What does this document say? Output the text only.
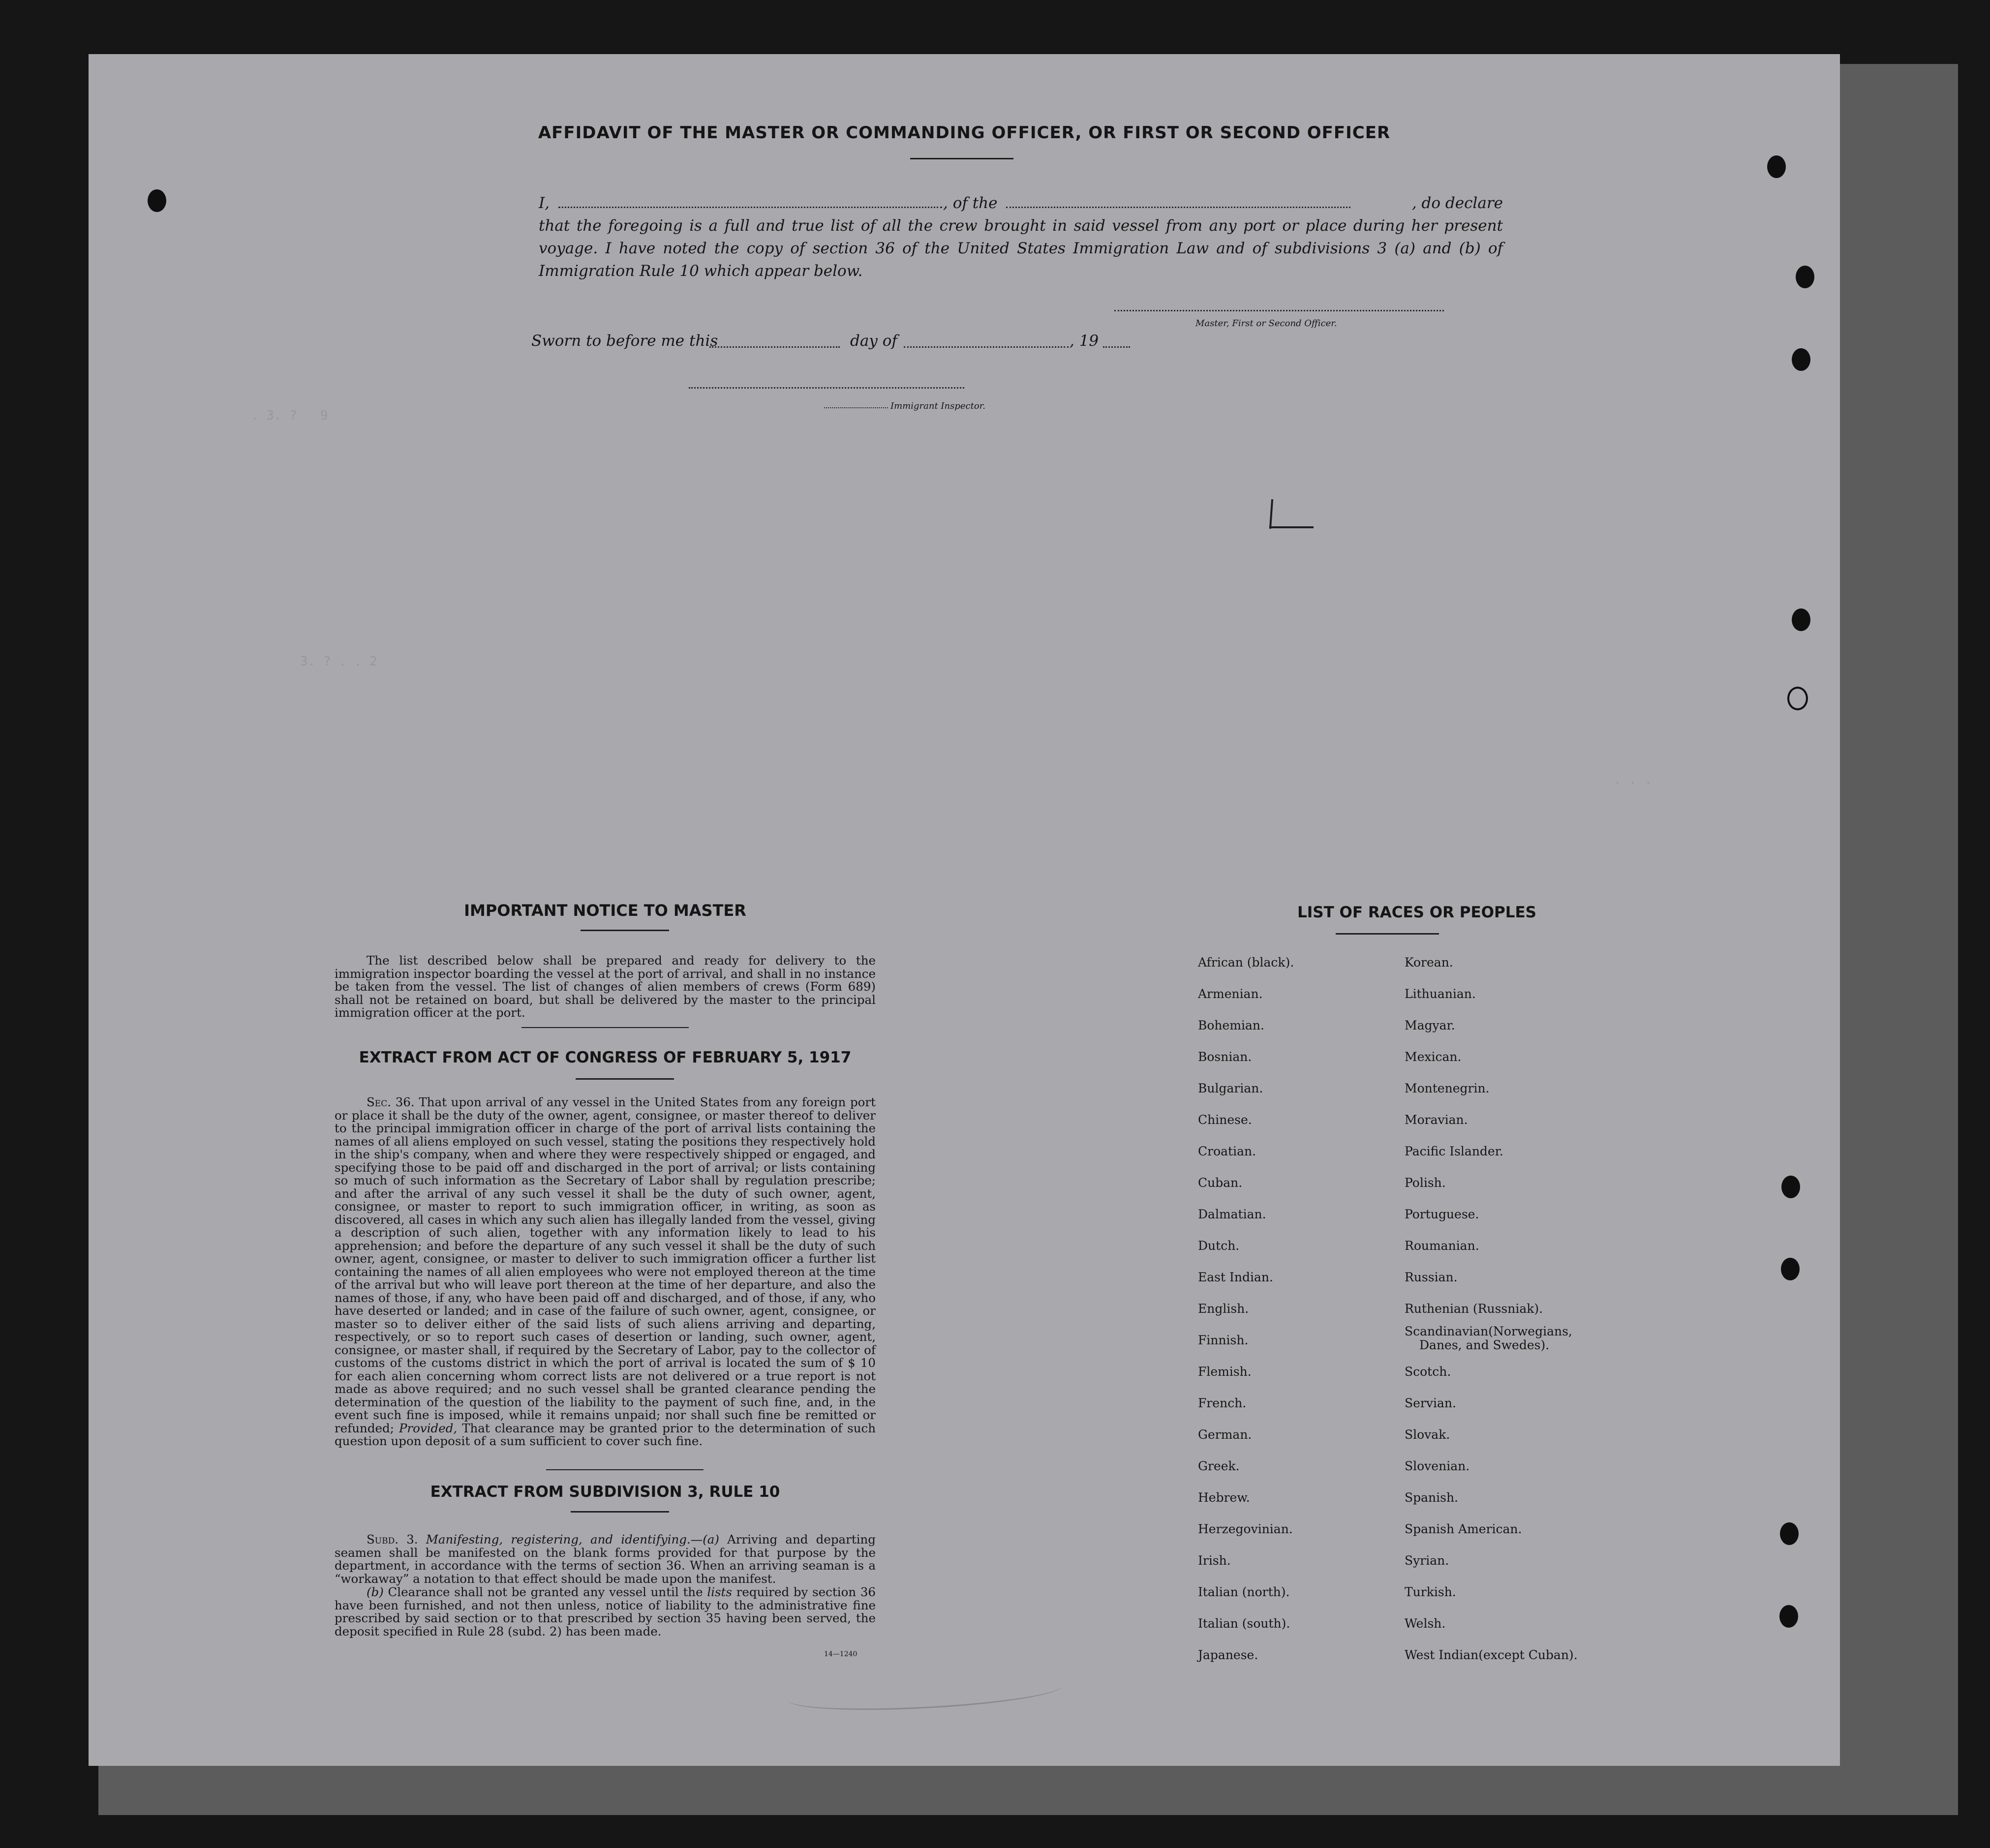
. 3. ?   9
3. ? . . 2
. . .
AFFIDAVIT OF THE MASTER OR COMMANDING OFFICER, OR FIRST OR SECOND OFFICER
I,	, of the	, do declare
that the foregoing is a full and true list of all the crew brought in said vessel from any port or place during her present voyage. I have noted the copy of section 36 of the United States Immigration Law and of subdivisions 3 (a) and (b) of Immigration Rule 10 which appear below.
Master, First or Second Officer.
Sworn to before me this	day of	, 19
Immigrant Inspector.
IMPORTANT NOTICE TO MASTER
The list described below shall be prepared and ready for delivery to the immigration inspector boarding the vessel at the port of arrival, and shall in no instance be taken from the vessel. The list of changes of alien members of crews (Form 689) shall not be retained on board, but shall be delivered by the master to the principal immigration officer at the port.
EXTRACT FROM ACT OF CONGRESS OF FEBRUARY 5, 1917
Sec. 36. That upon arrival of any vessel in the United States from any foreign port or place it shall be the duty of the owner, agent, consignee, or master thereof to deliver to the principal immigration officer in charge of the port of arrival lists containing the names of all aliens employed on such vessel, stating the positions they respectively hold in the ship's company, when and where they were respectively shipped or engaged, and specifying those to be paid off and discharged in the port of arrival; or lists containing so much of such information as the Secretary of Labor shall by regulation prescribe; and after the arrival of any such vessel it shall be the duty of such owner, agent, consignee, or master to report to such immigration officer, in writing, as soon as discovered, all cases in which any such alien has illegally landed from the vessel, giving a description of such alien, together with any information likely to lead to his apprehension; and before the departure of any such vessel it shall be the duty of such owner, agent, consignee, or master to deliver to such immigration officer a further list containing the names of all alien employees who were not employed thereon at the time of the arrival but who will leave port thereon at the time of her departure, and also the names of those, if any, who have been paid off and discharged, and of those, if any, who have deserted or landed; and in case of the failure of such owner, agent, consignee, or master so to deliver either of the said lists of such aliens arriving and departing, respectively, or so to report such cases of desertion or landing, such owner, agent, consignee, or master shall, if required by the Secretary of Labor, pay to the collector of customs of the customs district in which the port of arrival is located the sum of $ 10 for each alien concerning whom correct lists are not delivered or a true report is not made as above required; and no such vessel shall be granted clearance pending the determination of the question of the liability to the payment of such fine, and, in the event such fine is imposed, while it remains unpaid; nor shall such fine be remitted or refunded; Provided, That clearance may be granted prior to the determination of such question upon deposit of a sum sufficient to cover such fine.
EXTRACT FROM SUBDIVISION 3, RULE 10
Subd. 3. Manifesting, registering, and identifying.—(a) Arriving and departing seamen shall be manifested on the blank forms provided for that purpose by the department, in accordance with the terms of section 36. When an arriving seaman is a “workaway” a notation to that effect should be made upon the manifest.
(b) Clearance shall not be granted any vessel until the lists required by section 36 have been furnished, and not then unless, notice of liability to the administrative fine prescribed by said section or to that prescribed by section 35 having been served, the deposit specified in Rule 28 (subd. 2) has been made.
14—1240
LIST OF RACES OR PEOPLES
African (black).
Armenian.
Bohemian.
Bosnian.
Bulgarian.
Chinese.
Croatian.
Cuban.
Dalmatian.
Dutch.
East Indian.
English.
Finnish.
Flemish.
French.
German.
Greek.
Hebrew.
Herzegovinian.
Irish.
Italian (north).
Italian (south).
Japanese.
Korean.
Lithuanian.
Magyar.
Mexican.
Montenegrin.
Moravian.
Pacific Islander.
Polish.
Portuguese.
Roumanian.
Russian.
Ruthenian (Russniak).
Scandinavian(Norwegians,
Danes, and Swedes).
Scotch.
Servian.
Slovak.
Slovenian.
Spanish.
Spanish American.
Syrian.
Turkish.
Welsh.
West Indian(except Cuban).
